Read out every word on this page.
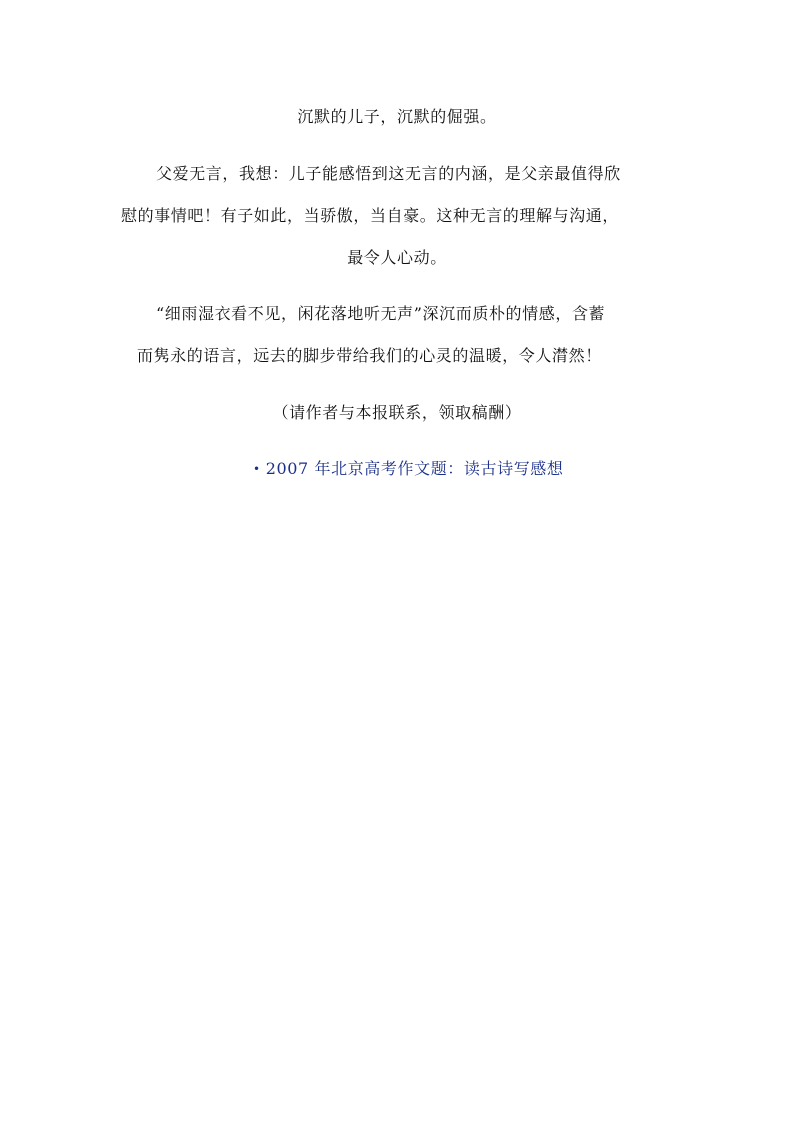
沉默的儿子，沉默的倔强。
父爱无言，我想：儿子能感悟到这无言的内涵，是父亲最值得欣
慰的事情吧！有子如此，当骄傲，当自豪。这种无言的理解与沟通，
最令人心动。
“细雨湿衣看不见，闲花落地听无声”深沉而质朴的情感，含蓄
而隽永的语言，远去的脚步带给我们的心灵的温暖，令人潸然！
（请作者与本报联系，领取稿酬）
• 2007 年北京高考作文题：读古诗写感想
